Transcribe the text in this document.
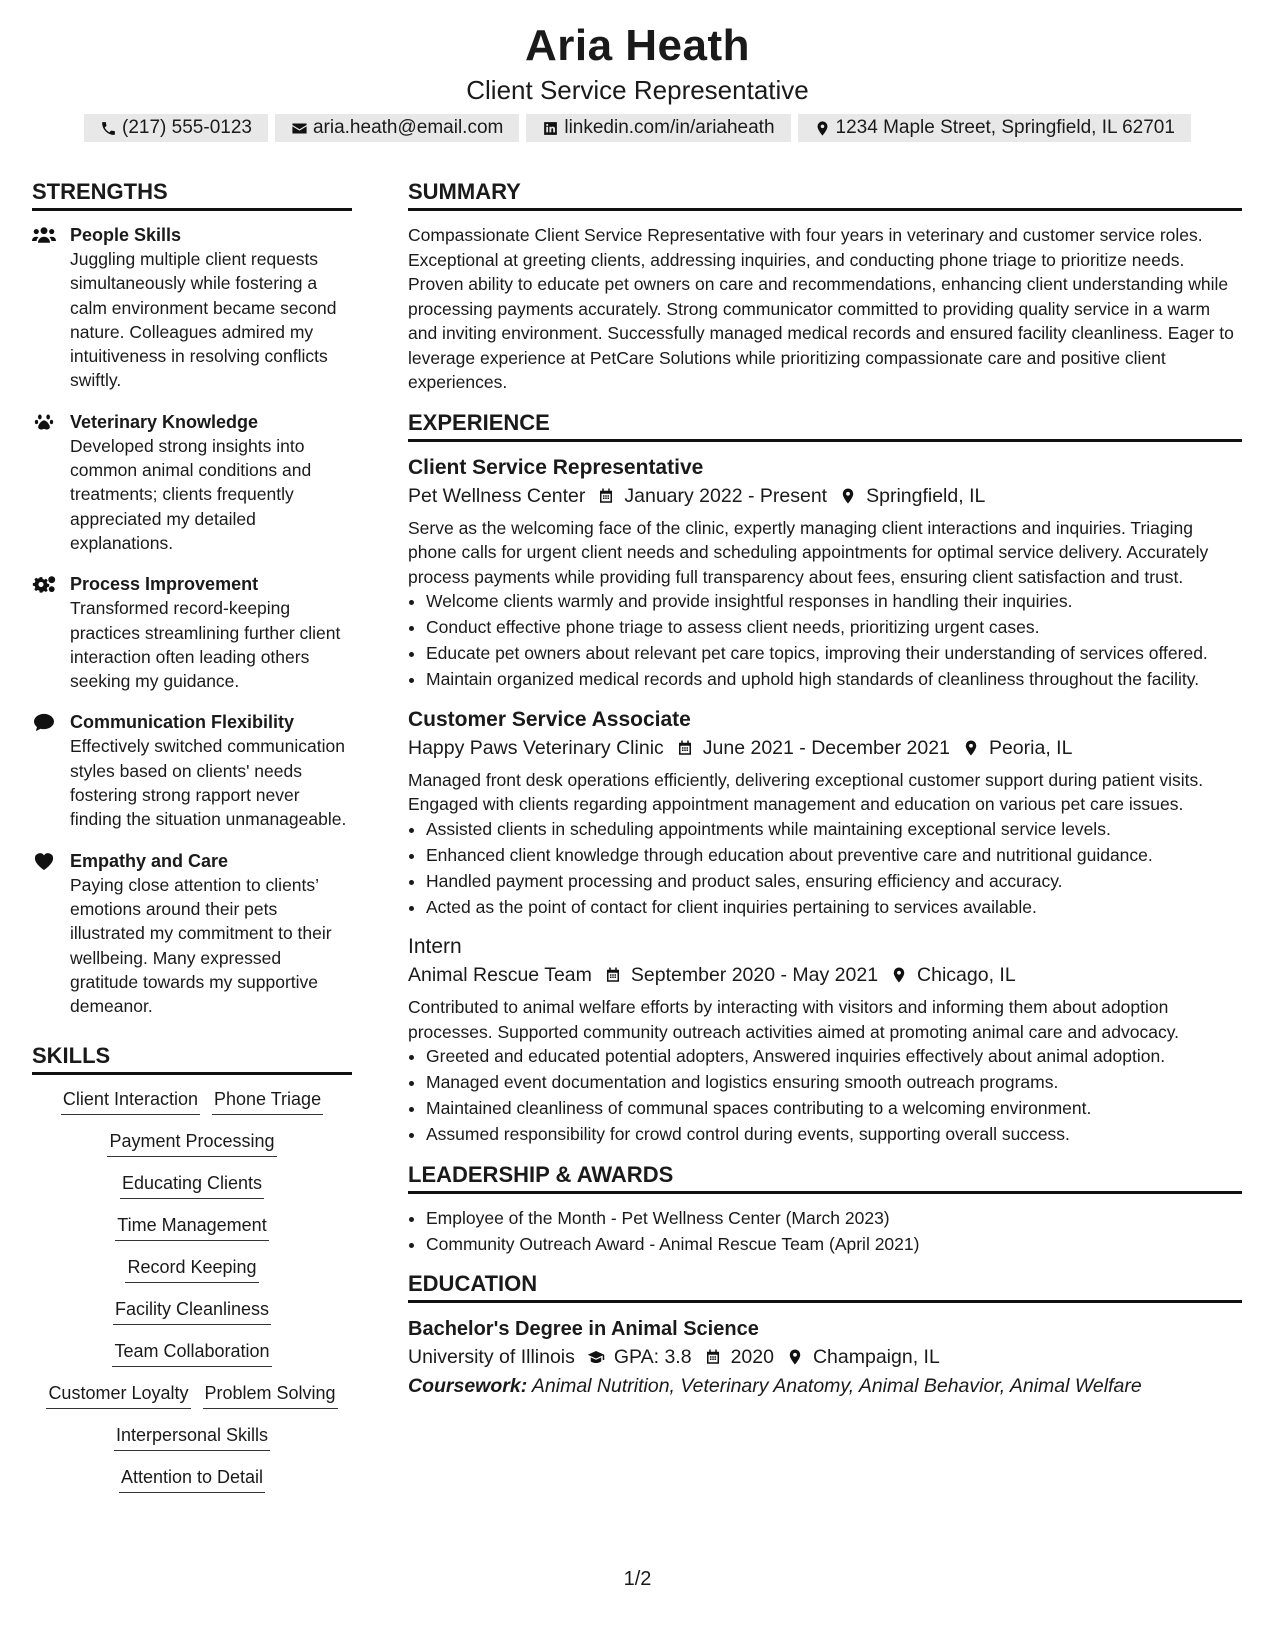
Aria Heath
Client Service Representative
(217) 555-0123	aria.heath@email.com	linkedin.com/in/ariaheath	1234 Maple Street, Springfield, IL 62701
STRENGTHS
People Skills
Juggling multiple client requests simultaneously while fostering a calm environment became second nature. Colleagues admired my intuitiveness in resolving conflicts swiftly.
Veterinary Knowledge
Developed strong insights into common animal conditions and treatments; clients frequently appreciated my detailed explanations.
Process Improvement
Transformed record-keeping practices streamlining further client interaction often leading others seeking my guidance.
Communication Flexibility
Effectively switched communication styles based on clients' needs fostering strong rapport never finding the situation unmanageable.
Empathy and Care
Paying close attention to clients’ emotions around their pets illustrated my commitment to their wellbeing. Many expressed gratitude towards my supportive demeanor.
SKILLS
Client Interaction Phone Triage
Payment Processing
Educating Clients
Time Management
Record Keeping
Facility Cleanliness
Team Collaboration
Customer Loyalty Problem Solving
Interpersonal Skills
Attention to Detail
SUMMARY
Compassionate Client Service Representative with four years in veterinary and customer service roles. Exceptional at greeting clients, addressing inquiries, and conducting phone triage to prioritize needs. Proven ability to educate pet owners on care and recommendations, enhancing client understanding while processing payments accurately. Strong communicator committed to providing quality service in a warm and inviting environment. Successfully managed medical records and ensured facility cleanliness. Eager to leverage experience at PetCare Solutions while prioritizing compassionate care and positive client experiences.
EXPERIENCE
Client Service Representative
Pet Wellness Center January 2022 - Present Springfield, IL
Serve as the welcoming face of the clinic, expertly managing client interactions and inquiries. Triaging phone calls for urgent client needs and scheduling appointments for optimal service delivery. Accurately process payments while providing full transparency about fees, ensuring client satisfaction and trust.
• Welcome clients warmly and provide insightful responses in handling their inquiries.
• Conduct effective phone triage to assess client needs, prioritizing urgent cases.
• Educate pet owners about relevant pet care topics, improving their understanding of services offered.
• Maintain organized medical records and uphold high standards of cleanliness throughout the facility.
Customer Service Associate
Happy Paws Veterinary Clinic June 2021 - December 2021 Peoria, IL
Managed front desk operations efficiently, delivering exceptional customer support during patient visits. Engaged with clients regarding appointment management and education on various pet care issues.
• Assisted clients in scheduling appointments while maintaining exceptional service levels.
• Enhanced client knowledge through education about preventive care and nutritional guidance.
• Handled payment processing and product sales, ensuring efficiency and accuracy.
• Acted as the point of contact for client inquiries pertaining to services available.
Intern
Animal Rescue Team September 2020 - May 2021 Chicago, IL
Contributed to animal welfare efforts by interacting with visitors and informing them about adoption processes. Supported community outreach activities aimed at promoting animal care and advocacy.
• Greeted and educated potential adopters, Answered inquiries effectively about animal adoption.
• Managed event documentation and logistics ensuring smooth outreach programs.
• Maintained cleanliness of communal spaces contributing to a welcoming environment.
• Assumed responsibility for crowd control during events, supporting overall success.
LEADERSHIP & AWARDS
• Employee of the Month - Pet Wellness Center (March 2023)
• Community Outreach Award - Animal Rescue Team (April 2021)
EDUCATION
Bachelor's Degree in Animal Science
University of Illinois GPA: 3.8 2020 Champaign, IL
Coursework: Animal Nutrition, Veterinary Anatomy, Animal Behavior, Animal Welfare
1/2
